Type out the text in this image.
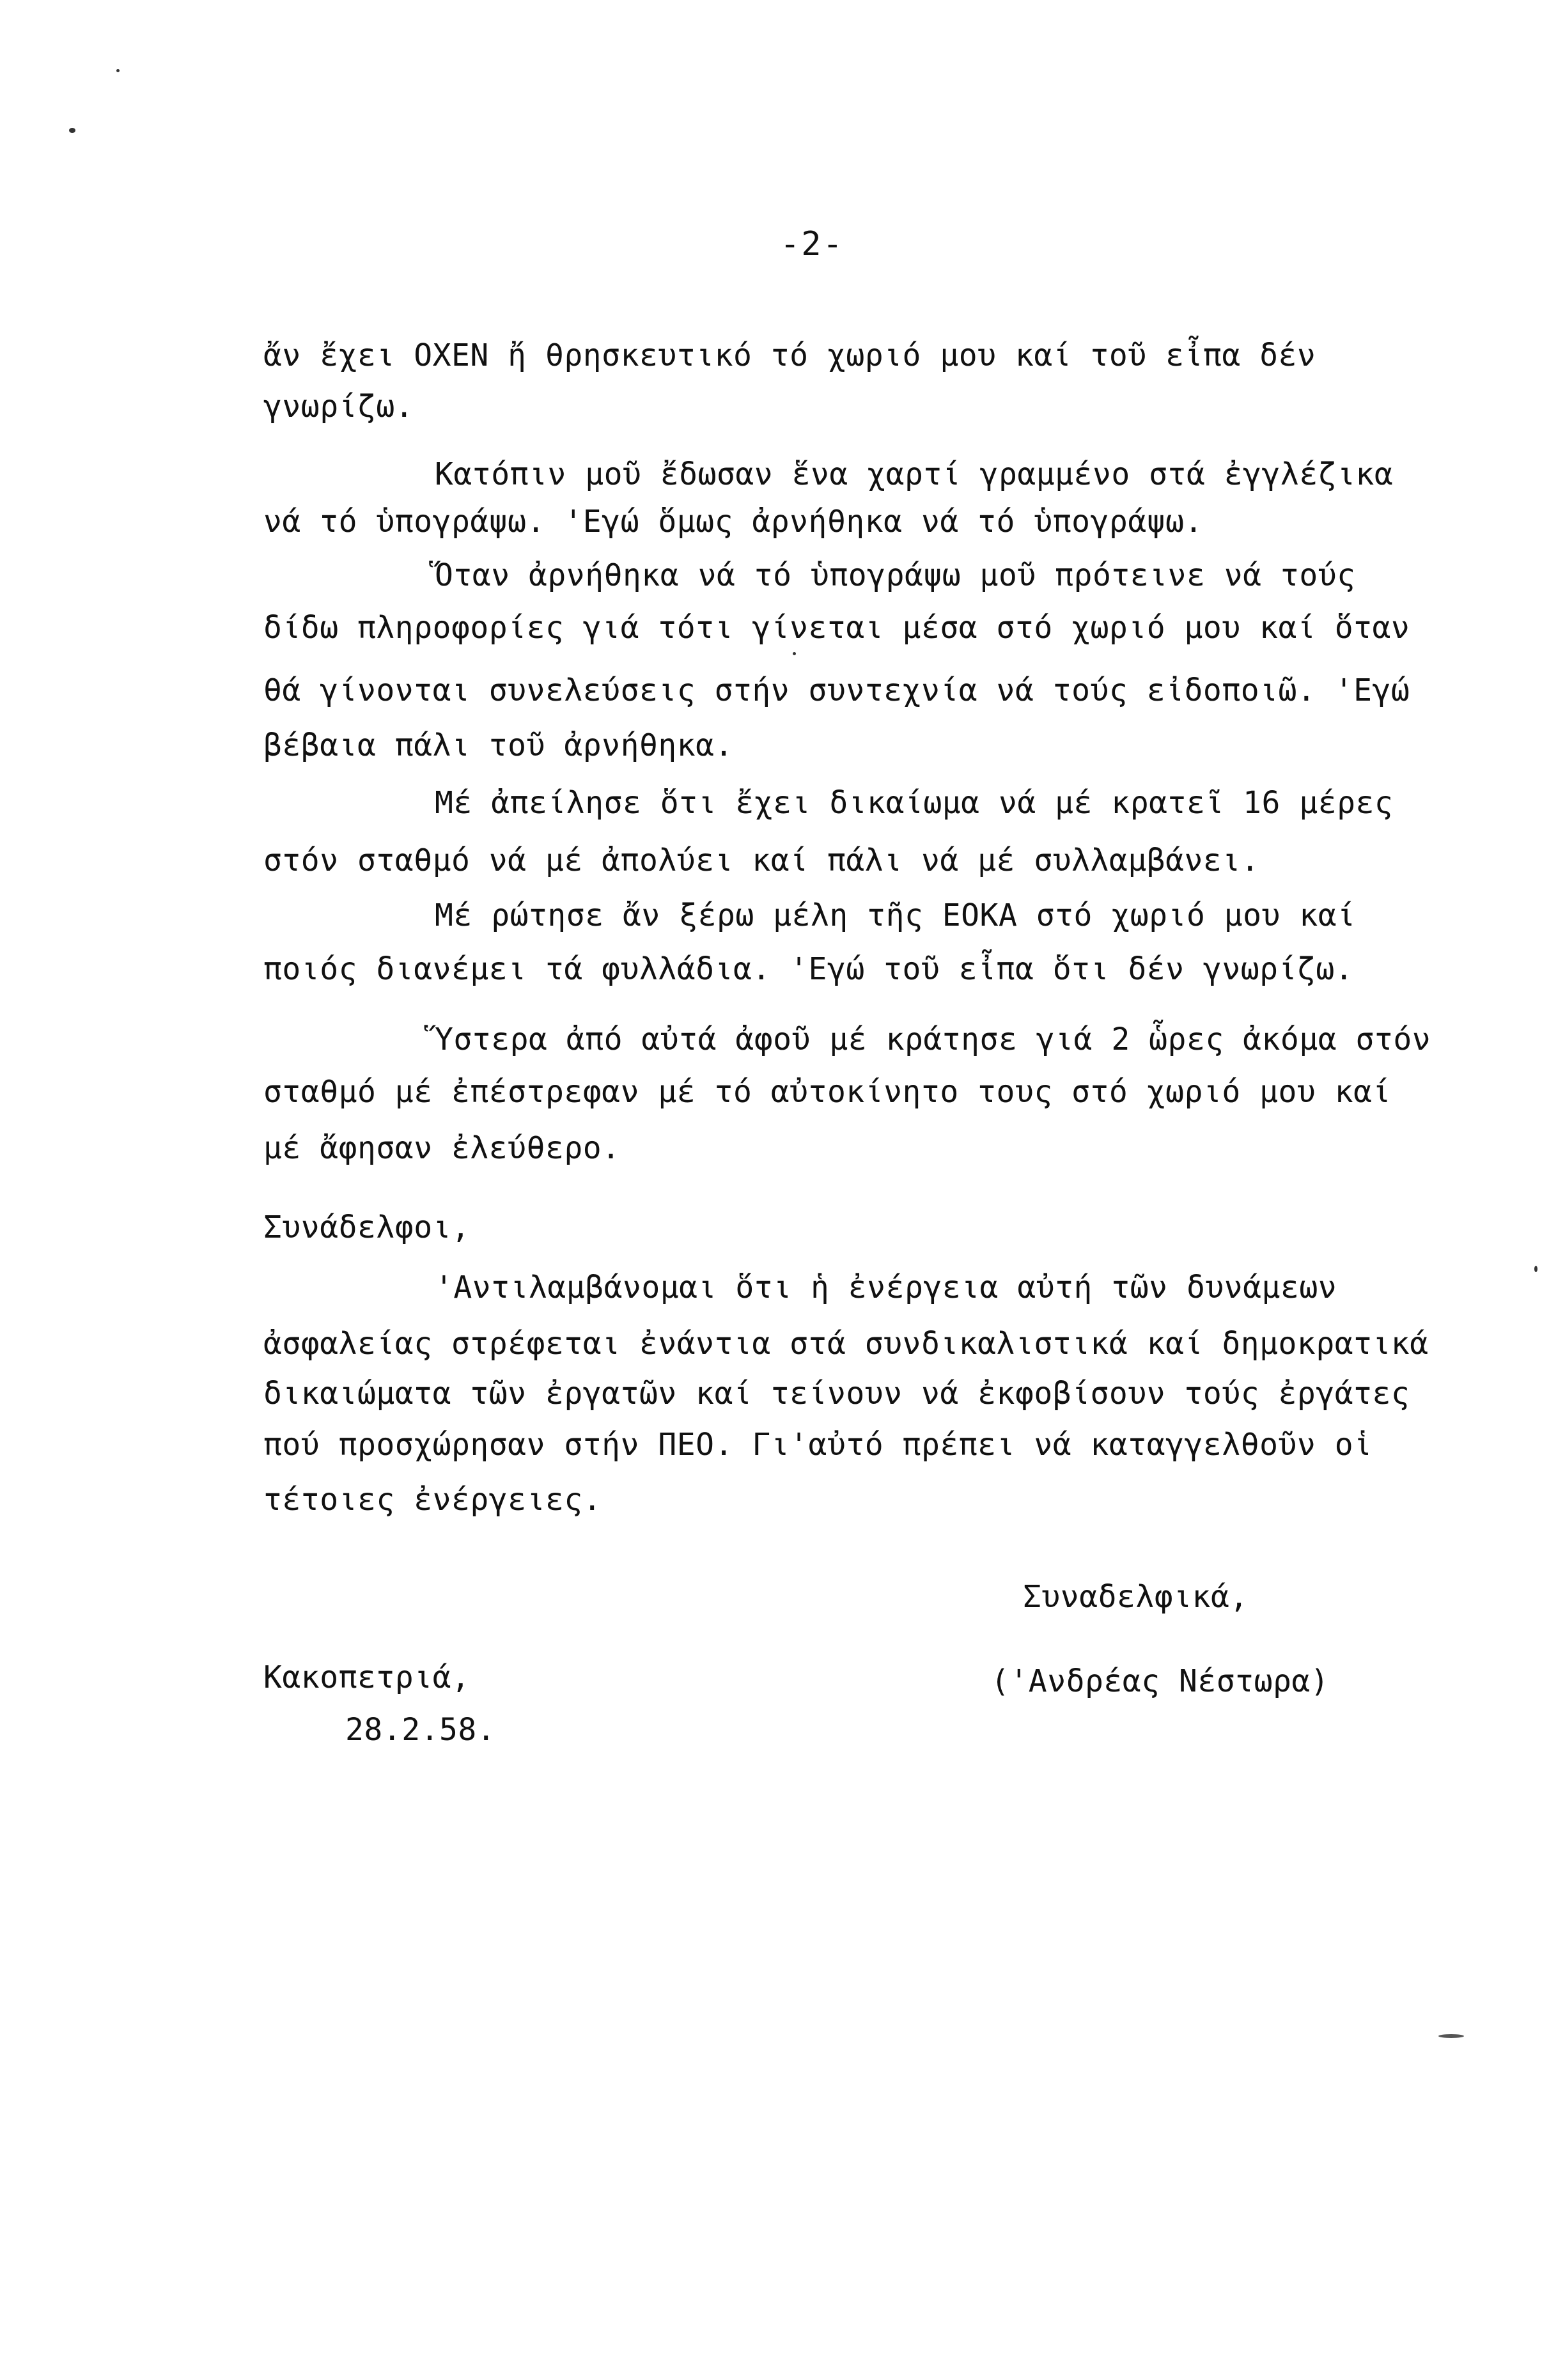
-2-
ἄν ἔχει ΟΧΕΝ ἤ θρησκευτικό τό χωριό μου καί τοῦ εἶπα δέν
γνωρίζω.
Κατόπιν μοῦ ἔδωσαν ἕνα χαρτί γραμμένο στά ἐγγλέζικα
νά τό ὑπογράψω. 'Εγώ ὅμως ἀρνήθηκα νά τό ὑπογράψω.
Ὅταν ἀρνήθηκα νά τό ὑπογράψω μοῦ πρότεινε νά τούς
δίδω πληροφορίες γιά τότι γίνεται μέσα στό χωριό μου καί ὅταν
θά γίνονται συνελεύσεις στήν συντεχνία νά τούς εἰδοποιῶ. 'Εγώ
βέβαια πάλι τοῦ ἀρνήθηκα.
Μέ ἀπείλησε ὅτι ἔχει δικαίωμα νά μέ κρατεῖ 16 μέρες
στόν σταθμό νά μέ ἀπολύει καί πάλι νά μέ συλλαμβάνει.
Μέ ρώτησε ἄν ξέρω μέλη τῆς ΕΟΚΑ στό χωριό μου καί
ποιός διανέμει τά φυλλάδια. 'Εγώ τοῦ εἶπα ὅτι δέν γνωρίζω.
Ὕστερα ἀπό αὐτά ἀφοῦ μέ κράτησε γιά 2 ὧρες ἀκόμα στόν
σταθμό μέ ἐπέστρεφαν μέ τό αὐτοκίνητο τους στό χωριό μου καί
μέ ἄφησαν ἐλεύθερο.
Συνάδελφοι,
'Αντιλαμβάνομαι ὅτι ἡ ἐνέργεια αὐτή τῶν δυνάμεων
ἀσφαλείας στρέφεται ἐνάντια στά συνδικαλιστικά καί δημοκρατικά
δικαιώματα τῶν ἐργατῶν καί τείνουν νά ἐκφοβίσουν τούς ἐργάτες
πού προσχώρησαν στήν ΠΕΟ. Γι'αὐτό πρέπει νά καταγγελθοῦν οἱ
τέτοιες ἐνέργειες.
Συναδελφικά,
('Ανδρέας Νέστωρα)
Κακοπετριά,
28.2.58.
